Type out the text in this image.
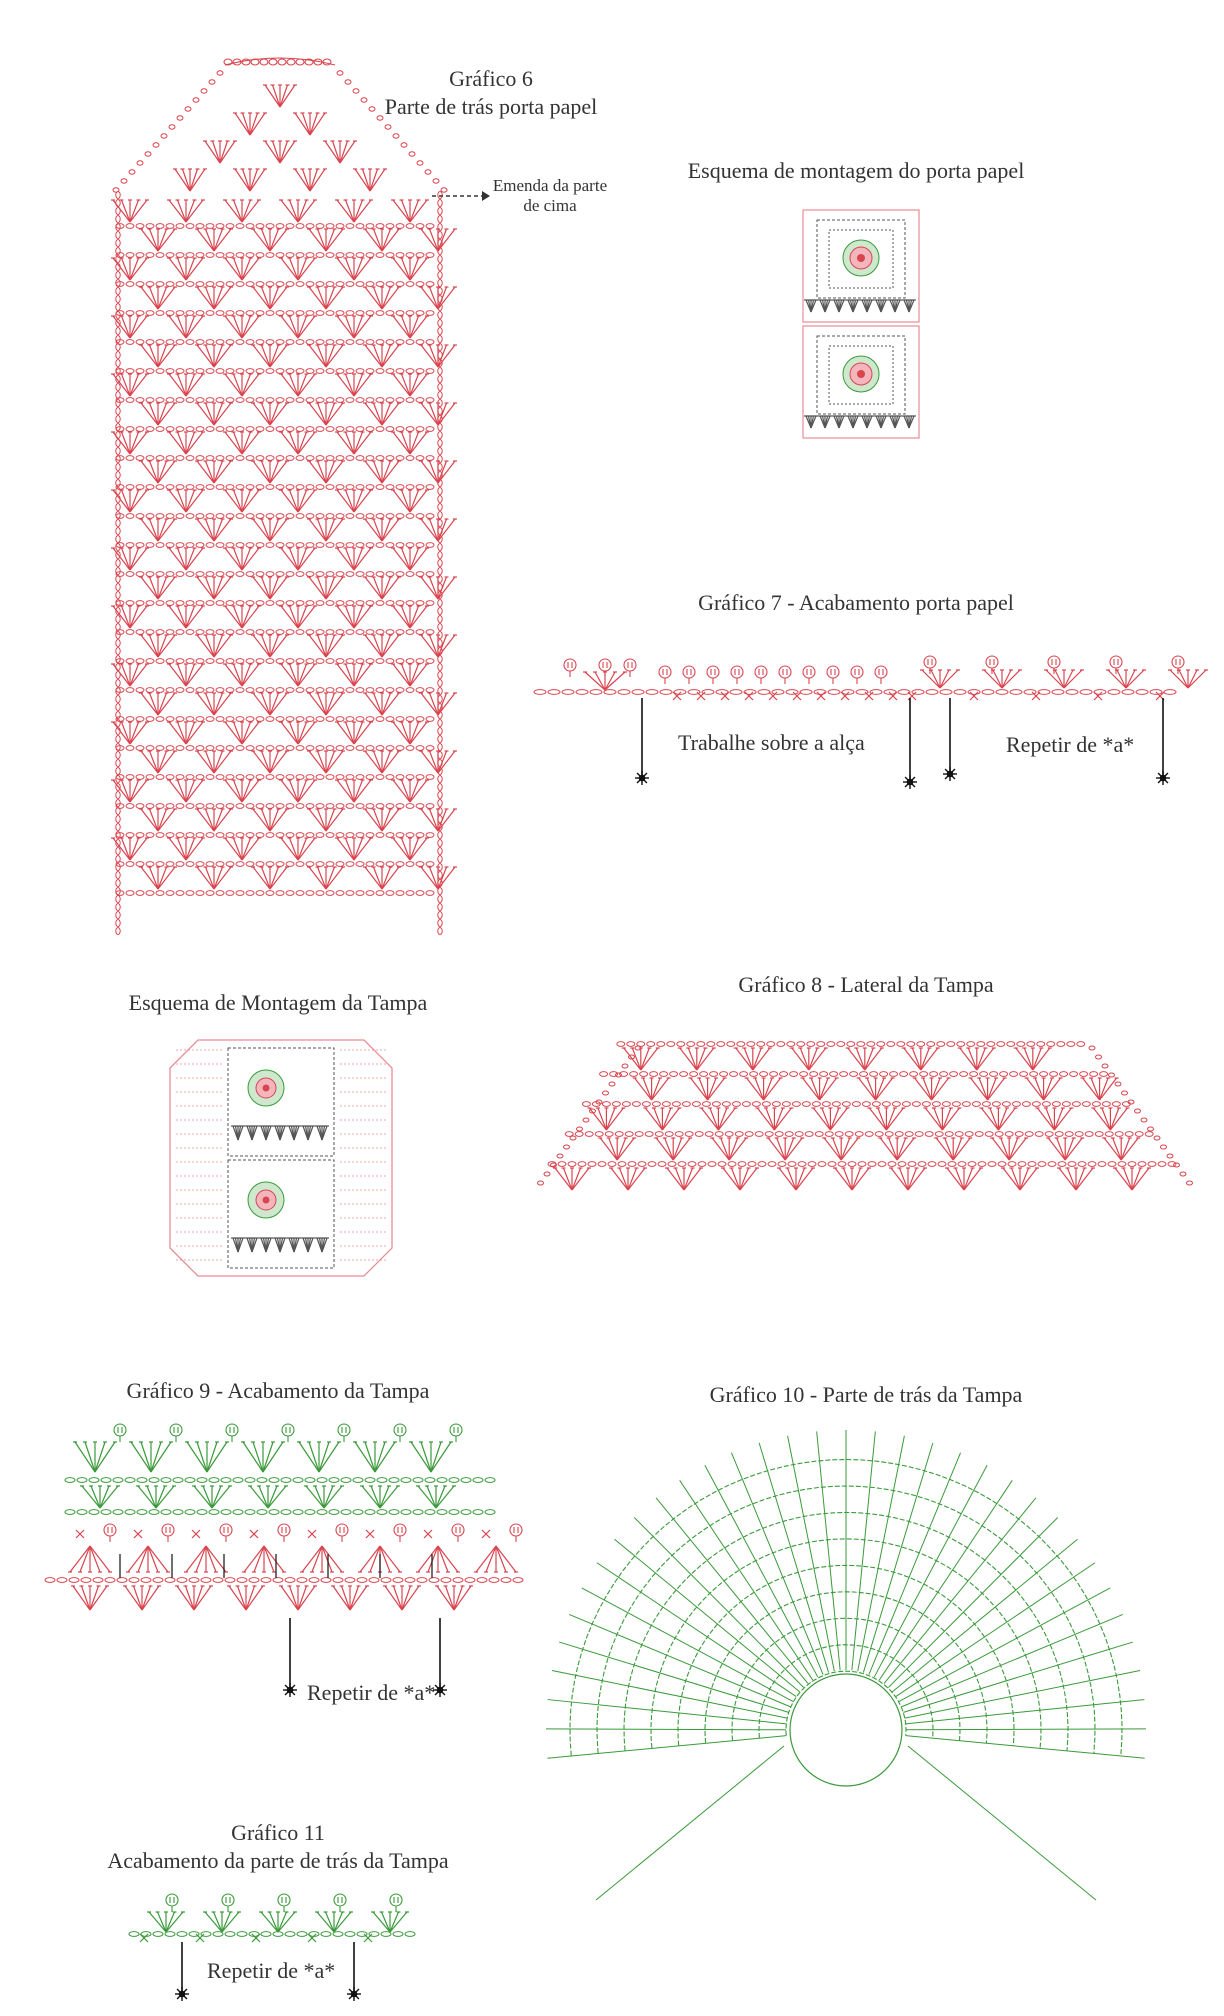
Gráfico 6
Parte de trás porta papel
Emenda da parte de cima
Esquema de montagem do porta papel
Gráfico 7 - Acabamento porta papel
Trabalhe sobre a alça	Repetir de *a*
Esquema de Montagem da Tampa
Gráfico 8 - Lateral da Tampa
Gráfico 9 - Acabamento da Tampa
Repetir de *a*
Gráfico 10 - Parte de trás da Tampa
Gráfico 11
Acabamento da parte de trás da Tampa
Repetir de *a*
